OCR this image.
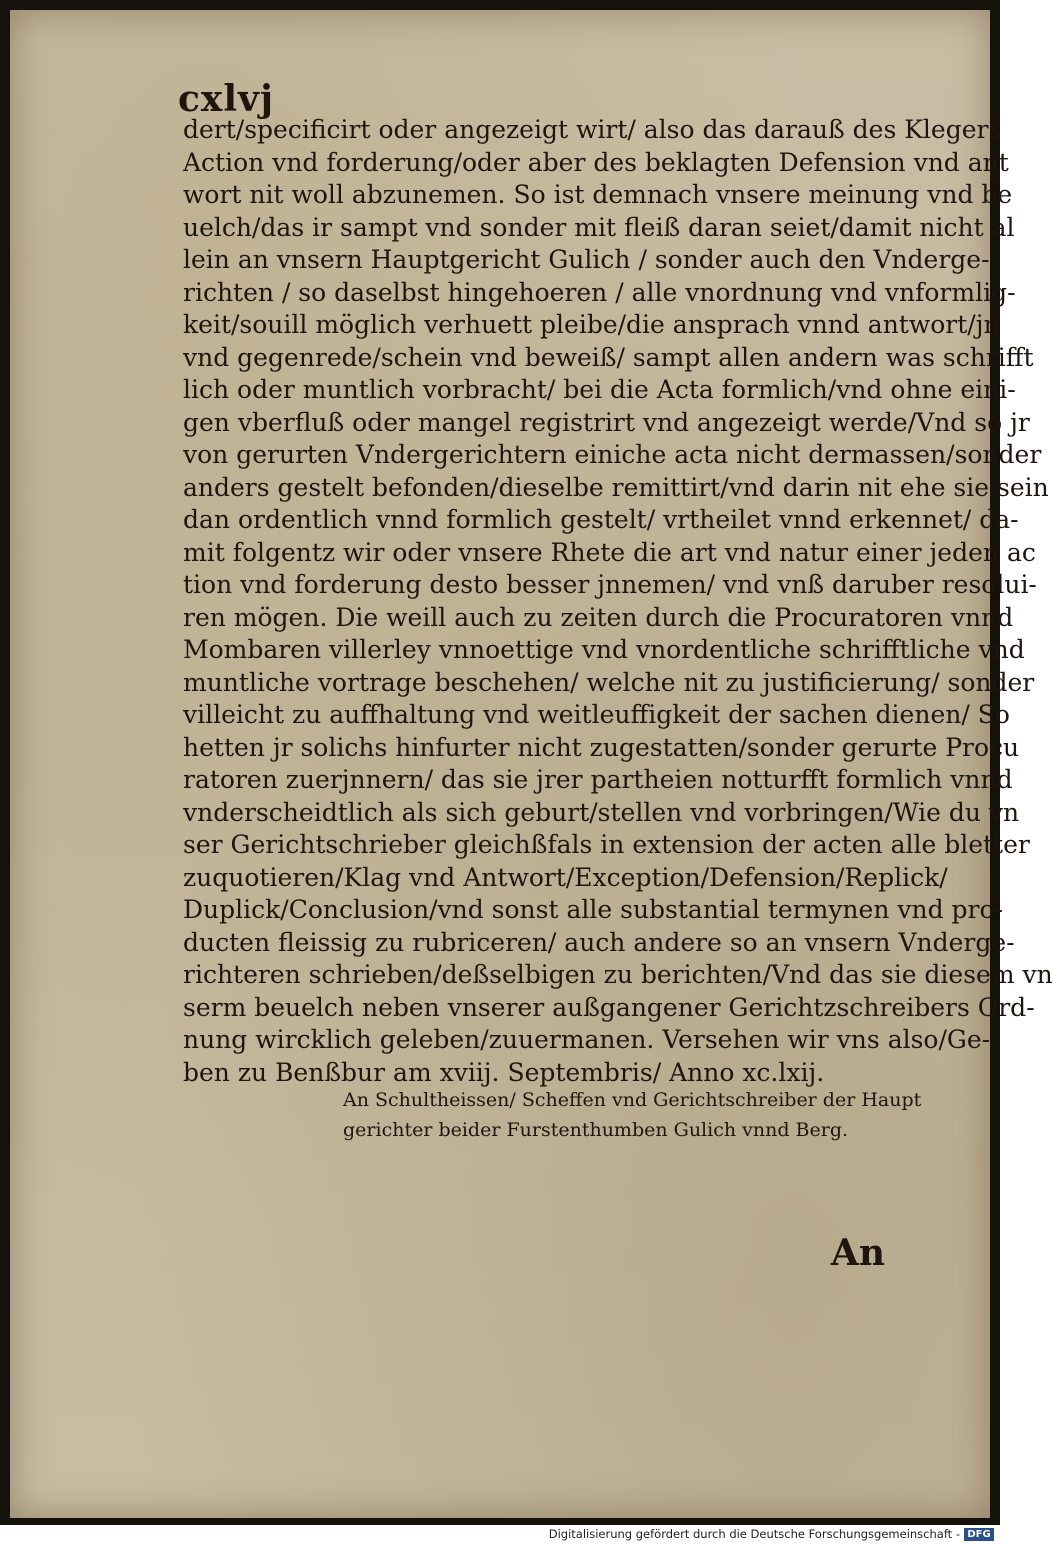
cxlvj
dert/specificirt oder angezeigt wirt/ also das darauß des Klegers
Action vnd forderung/oder aber des beklagten Defension vnd ant
wort nit woll abzunemen. So ist demnach vnsere meinung vnd be
uelch/das ir sampt vnd sonder mit fleiß daran seiet/damit nicht al
lein an vnsern Hauptgericht Gulich / sonder auch den Vnderge-
richten / so daselbst hingehoeren / alle vnordnung vnd vnformlig-
keit/souill möglich verhuett pleibe/die ansprach vnnd antwort/jn
vnd gegenrede/schein vnd beweiß/ sampt allen andern was schrifft
lich oder muntlich vorbracht/ bei die Acta formlich/vnd ohne eini-
gen vberfluß oder mangel registrirt vnd angezeigt werde/Vnd so jr
von gerurten Vndergerichtern einiche acta nicht dermassen/sonder
anders gestelt befonden/dieselbe remittirt/vnd darin nit ehe sie sein
dan ordentlich vnnd formlich gestelt/ vrtheilet vnnd erkennet/ da-
mit folgentz wir oder vnsere Rhete die art vnd natur einer jeden ac
tion vnd forderung desto besser jnnemen/ vnd vnß daruber resolui-
ren mögen. Die weill auch zu zeiten durch die Procuratoren vnnd
Mombaren villerley vnnoettige vnd vnordentliche schrifftliche vnd
muntliche vortrage beschehen/ welche nit zu justificierung/ sonder
villeicht zu auffhaltung vnd weitleuffigkeit der sachen dienen/ So
hetten jr solichs hinfurter nicht zugestatten/sonder gerurte Procu
ratoren zuerjnnern/ das sie jrer partheien notturfft formlich vnnd
vnderscheidtlich als sich geburt/stellen vnd vorbringen/Wie du vn
ser Gerichtschrieber gleichßfals in extension der acten alle bletter
zuquotieren/Klag vnd Antwort/Exception/Defension/Replick/
Duplick/Conclusion/vnd sonst alle substantial termynen vnd pro-
ducten fleissig zu rubriceren/ auch andere so an vnsern Vnderge-
richteren schrieben/deßselbigen zu berichten/Vnd das sie diesem vn
serm beuelch neben vnserer außgangener Gerichtzschreibers Ord-
nung wircklich geleben/zuuermanen. Versehen wir vns also/Ge-
ben zu Benßbur am xviij. Septembris/ Anno xc.lxij.
An Schultheissen/ Scheffen vnd Gerichtschreiber der Haupt
gerichter beider Furstenthumben Gulich vnnd Berg.
An
Digitalisierung gefördert durch die Deutsche Forschungsgemeinschaft - DFG
